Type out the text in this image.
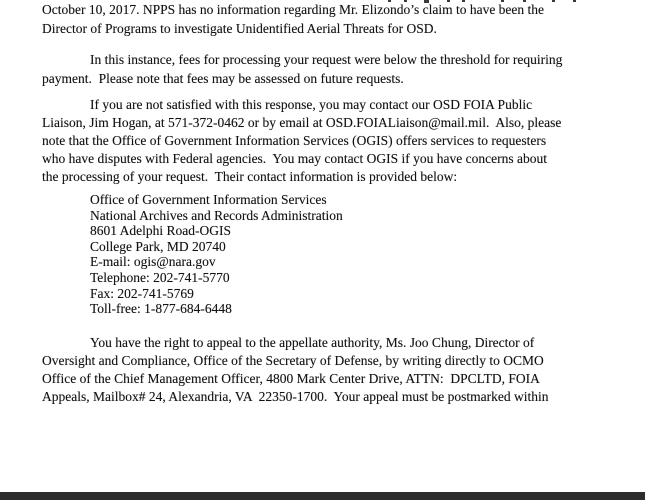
October 10, 2017. NPPS has no information regarding Mr. Elizondo’s claim to have been the
Director of Programs to investigate Unidentified Aerial Threats for OSD.
In this instance, fees for processing your request were below the threshold for requiring
payment.  Please note that fees may be assessed on future requests.
If you are not satisfied with this response, you may contact our OSD FOIA Public
Liaison, Jim Hogan, at 571-372-0462 or by email at OSD.FOIALiaison@mail.mil.  Also, please
note that the Office of Government Information Services (OGIS) offers services to requesters
who have disputes with Federal agencies.  You may contact OGIS if you have concerns about
the processing of your request.  Their contact information is provided below:
Office of Government Information Services
National Archives and Records Administration
8601 Adelphi Road-OGIS
College Park, MD 20740
E-mail: ogis@nara.gov
Telephone: 202-741-5770
Fax: 202-741-5769
Toll-free: 1-877-684-6448
You have the right to appeal to the appellate authority, Ms. Joo Chung, Director of
Oversight and Compliance, Office of the Secretary of Defense, by writing directly to OCMO
Office of the Chief Management Officer, 4800 Mark Center Drive, ATTN:  DPCLTD, FOIA
Appeals, Mailbox# 24, Alexandria, VA  22350-1700.  Your appeal must be postmarked within
